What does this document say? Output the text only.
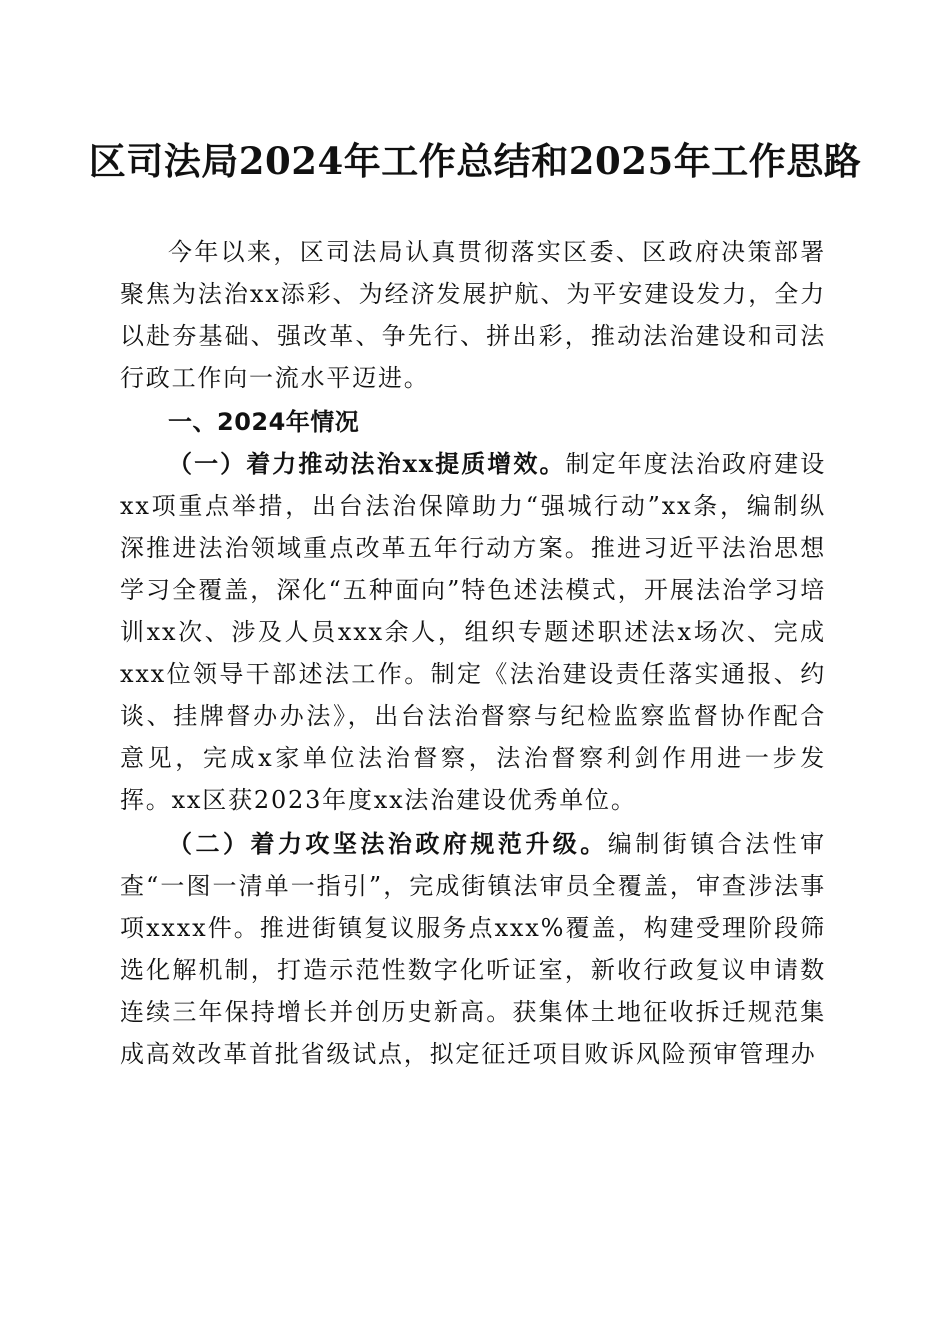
区司法局2024年工作总结和2025年工作思路

今年以来，区司法局认真贯彻落实区委、区政府决策部署聚焦为法治xx添彩、为经济发展护航、为平安建设发力，全力以赴夯基础、强改革、争先行、拼出彩，推动法治建设和司法行政工作向一流水平迈进。

一、2024年情况

（一）着力推动法治xx提质增效。制定年度法治政府建设xx项重点举措，出台法治保障助力“强城行动”xx条，编制纵深推进法治领域重点改革五年行动方案。推进习近平法治思想学习全覆盖，深化“五种面向”特色述法模式，开展法治学习培训xx次、涉及人员xxx余人，组织专题述职述法x场次、完成xxx位领导干部述法工作。制定《法治建设责任落实通报、约谈、挂牌督办办法》，出台法治督察与纪检监察监督协作配合意见，完成x家单位法治督察，法治督察利剑作用进一步发挥。xx区获2023年度xx法治建设优秀单位。

（二）着力攻坚法治政府规范升级。编制街镇合法性审查“一图一清单一指引”，完成街镇法审员全覆盖，审查涉法事项xxxx件。推进街镇复议服务点xxx%覆盖，构建受理阶段筛选化解机制，打造示范性数字化听证室，新收行政复议申请数连续三年保持增长并创历史新高。获集体土地征收拆迁规范集成高效改革首批省级试点，拟定征迁项目败诉风险预审管理办
